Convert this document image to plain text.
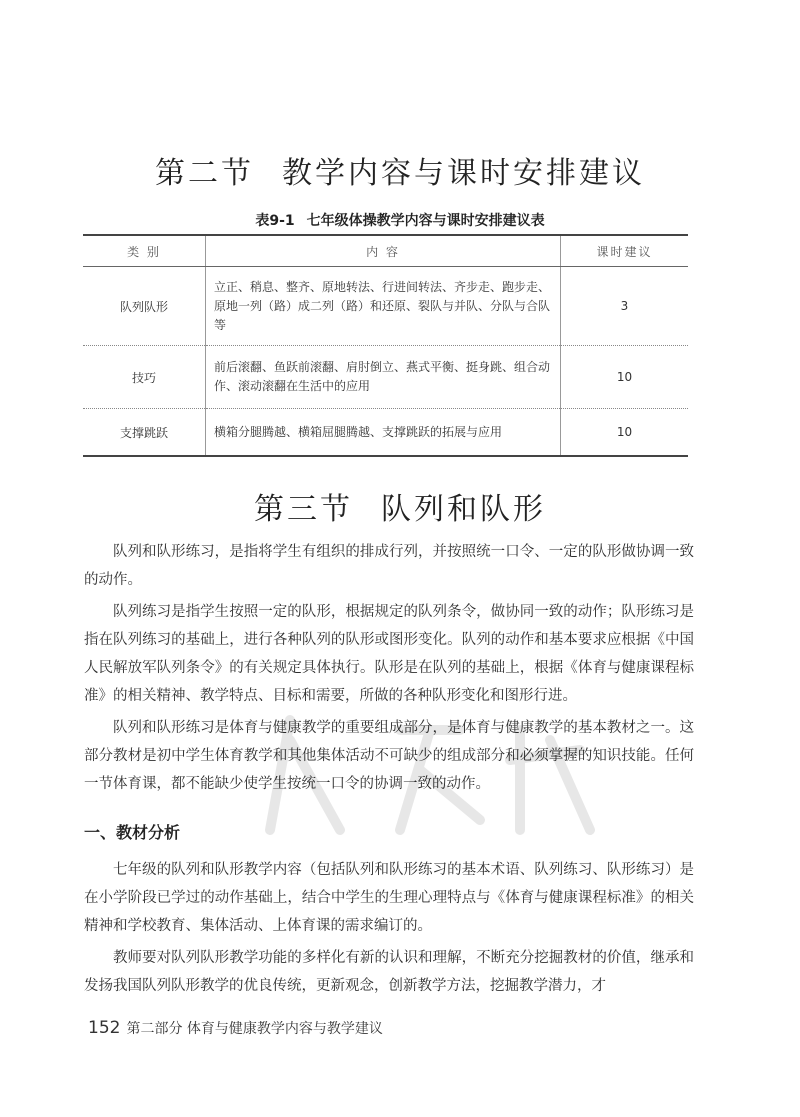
第二节 教学内容与课时安排建议
表9-1 七年级体操教学内容与课时安排建议表
类 别	内 容	课时建议
队列队形	立正、稍息、整齐、原地转法、行进间转法、齐步走、跑步走、原地一列（路）成二列（路）和还原、裂队与并队、分队与合队等	3
技巧	前后滚翻、鱼跃前滚翻、肩肘倒立、燕式平衡、挺身跳、组合动作、滚动滚翻在生活中的应用	10
支撑跳跃	横箱分腿腾越、横箱屈腿腾越、支撑跳跃的拓展与应用	10
第三节 队列和队形

队列和队形练习，是指将学生有组织的排成行列，并按照统一口令、一定的队形做协调一致的动作。

队列练习是指学生按照一定的队形，根据规定的队列条令，做协同一致的动作；队形练习是指在队列练习的基础上，进行各种队列的队形或图形变化。队列的动作和基本要求应根据《中国人民解放军队列条令》的有关规定具体执行。队形是在队列的基础上，根据《体育与健康课程标准》的相关精神、教学特点、目标和需要，所做的各种队形变化和图形行进。

队列和队形练习是体育与健康教学的重要组成部分，是体育与健康教学的基本教材之一。这部分教材是初中学生体育教学和其他集体活动不可缺少的组成部分和必须掌握的知识技能。任何一节体育课，都不能缺少使学生按统一口令的协调一致的动作。

一、教材分析

七年级的队列和队形教学内容（包括队列和队形练习的基本术语、队列练习、队形练习）是在小学阶段已学过的动作基础上，结合中学生的生理心理特点与《体育与健康课程标准》的相关精神和学校教育、集体活动、上体育课的需求编订的。

教师要对队列队形教学功能的多样化有新的认识和理解，不断充分挖掘教材的价值，继承和发扬我国队列队形教学的优良传统，更新观念，创新教学方法，挖掘教学潜力，才

152 第二部分 体育与健康教学内容与教学建议
